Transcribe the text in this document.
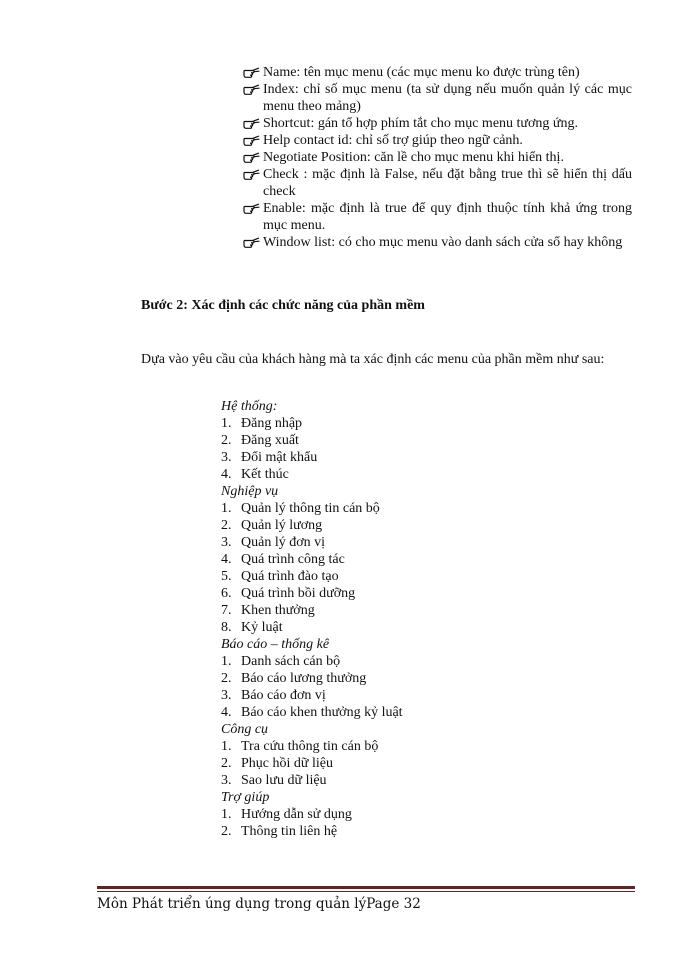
Name: tên mục menu (các mục menu ko được trùng tên)
Index: chỉ số mục menu (ta sử dụng nếu muốn quản lý các mục menu theo mảng)
Shortcut: gán tổ hợp phím tắt cho mục menu tương ứng.
Help contact id: chỉ số trợ giúp theo ngữ cảnh.
Negotiate Position: căn lề cho mục menu khi hiển thị.
Check : mặc định là False, nếu đặt bằng true thì sẽ hiển thị dấu check
Enable: mặc định là true để quy định thuộc tính khả ứng trong mục menu.
Window list: có cho mục menu vào danh sách cửa sổ hay không

Bước 2: Xác định các chức năng của phần mềm

Dựa vào yêu cầu của khách hàng mà ta xác định các menu của phần mềm như sau:

Hệ thống:

1. Đăng nhập
2. Đăng xuất
3. Đổi mật khẩu
4. Kết thúc

Nghiệp vụ

1. Quản lý thông tin cán bộ
2. Quản lý lương
3. Quản lý đơn vị
4. Quá trình công tác
5. Quá trình đào tạo
6. Quá trình bồi dưỡng
7. Khen thưởng
8. Kỷ luật

Báo cáo – thống kê

1. Danh sách cán bộ
2. Báo cáo lương thưởng
3. Báo cáo đơn vị
4. Báo cáo khen thưởng kỷ luật

Công cụ

1. Tra cứu thông tin cán bộ
2. Phục hồi dữ liệu
3. Sao lưu dữ liệu

Trợ giúp

1. Hướng dẫn sử dụng
2. Thông tin liên hệ
Môn Phát triển úng dụng trong quản lýPage 32
